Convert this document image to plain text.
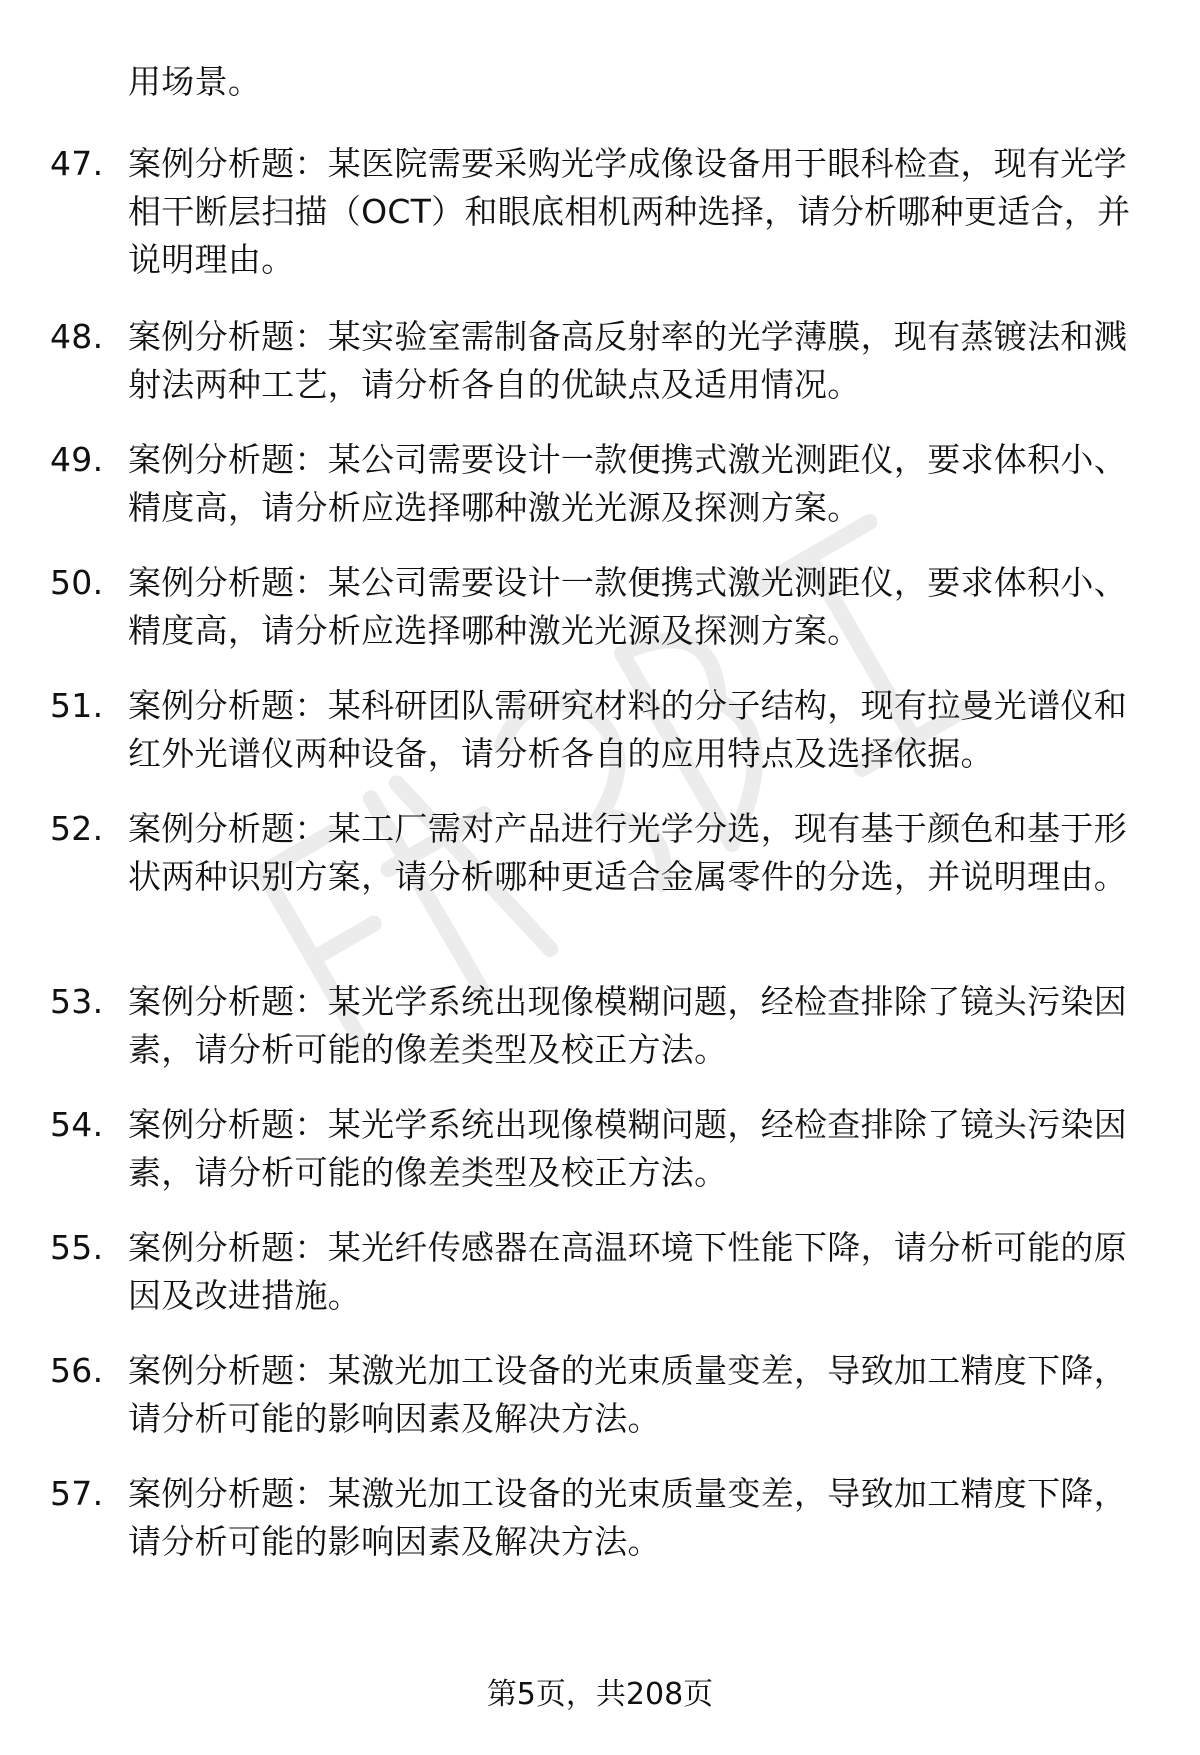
用场景。
47. 案例分析题：某医院需要采购光学成像设备用于眼科检查，现有光学相干断层扫描（OCT）和眼底相机两种选择，请分析哪种更适合，并说明理由。
48. 案例分析题：某实验室需制备高反射率的光学薄膜，现有蒸镀法和溅射法两种工艺，请分析各自的优缺点及适用情况。
49. 案例分析题：某公司需要设计一款便携式激光测距仪，要求体积小、精度高，请分析应选择哪种激光光源及探测方案。
50. 案例分析题：某公司需要设计一款便携式激光测距仪，要求体积小、精度高，请分析应选择哪种激光光源及探测方案。
51. 案例分析题：某科研团队需研究材料的分子结构，现有拉曼光谱仪和红外光谱仪两种设备，请分析各自的应用特点及选择依据。
52. 案例分析题：某工厂需对产品进行光学分选，现有基于颜色和基于形状两种识别方案，请分析哪种更适合金属零件的分选，并说明理由。
53. 案例分析题：某光学系统出现像模糊问题，经检查排除了镜头污染因素，请分析可能的像差类型及校正方法。
54. 案例分析题：某光学系统出现像模糊问题，经检查排除了镜头污染因素，请分析可能的像差类型及校正方法。
55. 案例分析题：某光纤传感器在高温环境下性能下降，请分析可能的原因及改进措施。
56. 案例分析题：某激光加工设备的光束质量变差，导致加工精度下降，请分析可能的影响因素及解决方法。
57. 案例分析题：某激光加工设备的光束质量变差，导致加工精度下降，请分析可能的影响因素及解决方法。
第5页，共208页
